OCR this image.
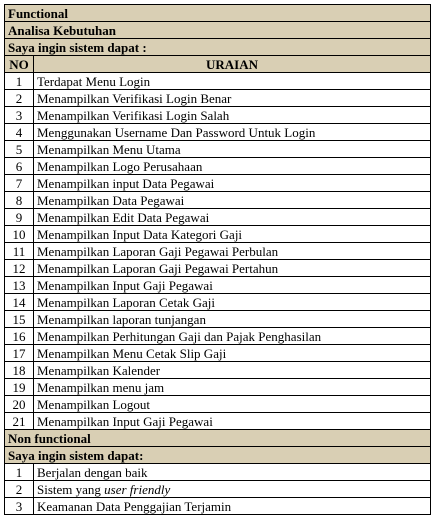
Functional	
Analisa Kebutuhan	
Saya ingin sistem dapat :	
NO	URAIAN
1	Terdapat Menu Login
2	Menampilkan Verifikasi Login Benar
3	Menampilkan Verifikasi Login Salah
4	Menggunakan Username Dan Password Untuk Login
5	Menampilkan Menu Utama
6	Menampilkan Logo Perusahaan
7	Menampilkan input Data Pegawai
8	Menampilkan Data Pegawai
9	Menampilkan Edit Data Pegawai
10	Menampilkan Input Data Kategori Gaji
11	Menampilkan Laporan Gaji Pegawai Perbulan
12	Menampilkan Laporan Gaji Pegawai Pertahun
13	Menampilkan Input Gaji Pegawai
14	Menampilkan Laporan Cetak Gaji
15	Menampilkan laporan tunjangan
16	Menampilkan Perhitungan Gaji dan Pajak Penghasilan
17	Menampilkan Menu Cetak Slip Gaji
18	Menampilkan Kalender
19	Menampilkan menu jam
20	Menampilkan Logout
21	Menampilkan Input Gaji Pegawai
Non functional	
Saya ingin sistem dapat:	
1	Berjalan dengan baik
2	Sistem yang user friendly
3	Keamanan Data Penggajian Terjamin
